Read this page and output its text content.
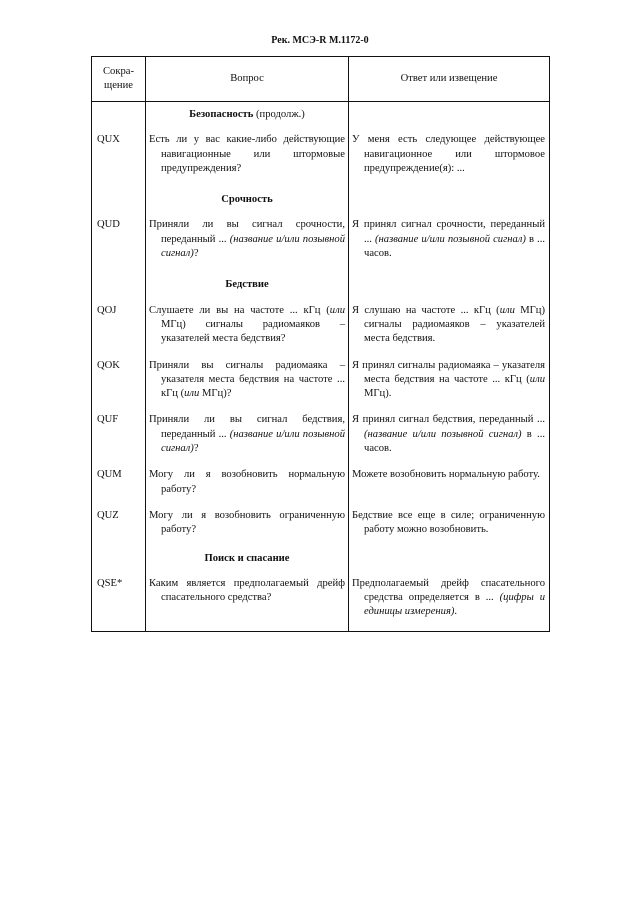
Рек. МСЭ-R M.1172-0
Сокра-
щение	Вопрос	Ответ или извещение
	Безопасность (продолж.)	
QUX	Есть ли у вас какие-либо действующие навигационные или штормовые предупреждения?	У меня есть следующее действующее навигационное или штормовое предупреждение(я): ...

	Срочность	
QUD	Приняли ли вы сигнал срочности, переданный ... (название и/или позывной сигнал)?	Я принял сигнал срочности, переданный ... (название и/или позывной сигнал) в ... часов.

	Бедствие	
QOJ	Слушаете ли вы на частоте ... кГц (или МГц) сигналы радиомаяков – указателей места бедствия?	Я слушаю на частоте ... кГц (или МГц) сигналы радиомаяков – указателей места бедствия.

QOK	Приняли вы сигналы радиомаяка – указателя места бедствия на частоте ... кГц (или МГц)?	Я принял сигналы радиомаяка – указателя места бедствия на частоте ... кГц (или МГц).

QUF	Приняли ли вы сигнал бедствия, переданный ... (название и/или позывной сигнал)?	Я принял сигнал бедствия, переданный ... (название и/или позывной сигнал) в ... часов.

QUM	Могу ли я возобновить нормальную работу?	Можете возобновить нормальную работу.

QUZ	Могу ли я возобновить ограниченную работу?	Бедствие все еще в силе; ограниченную работу можно возобновить.

	Поиск и спасание	
QSE*	Каким является предполагаемый дрейф спасательного средства?	Предполагаемый дрейф спасательного средства определяется в ... (цифры и единицы измерения).
